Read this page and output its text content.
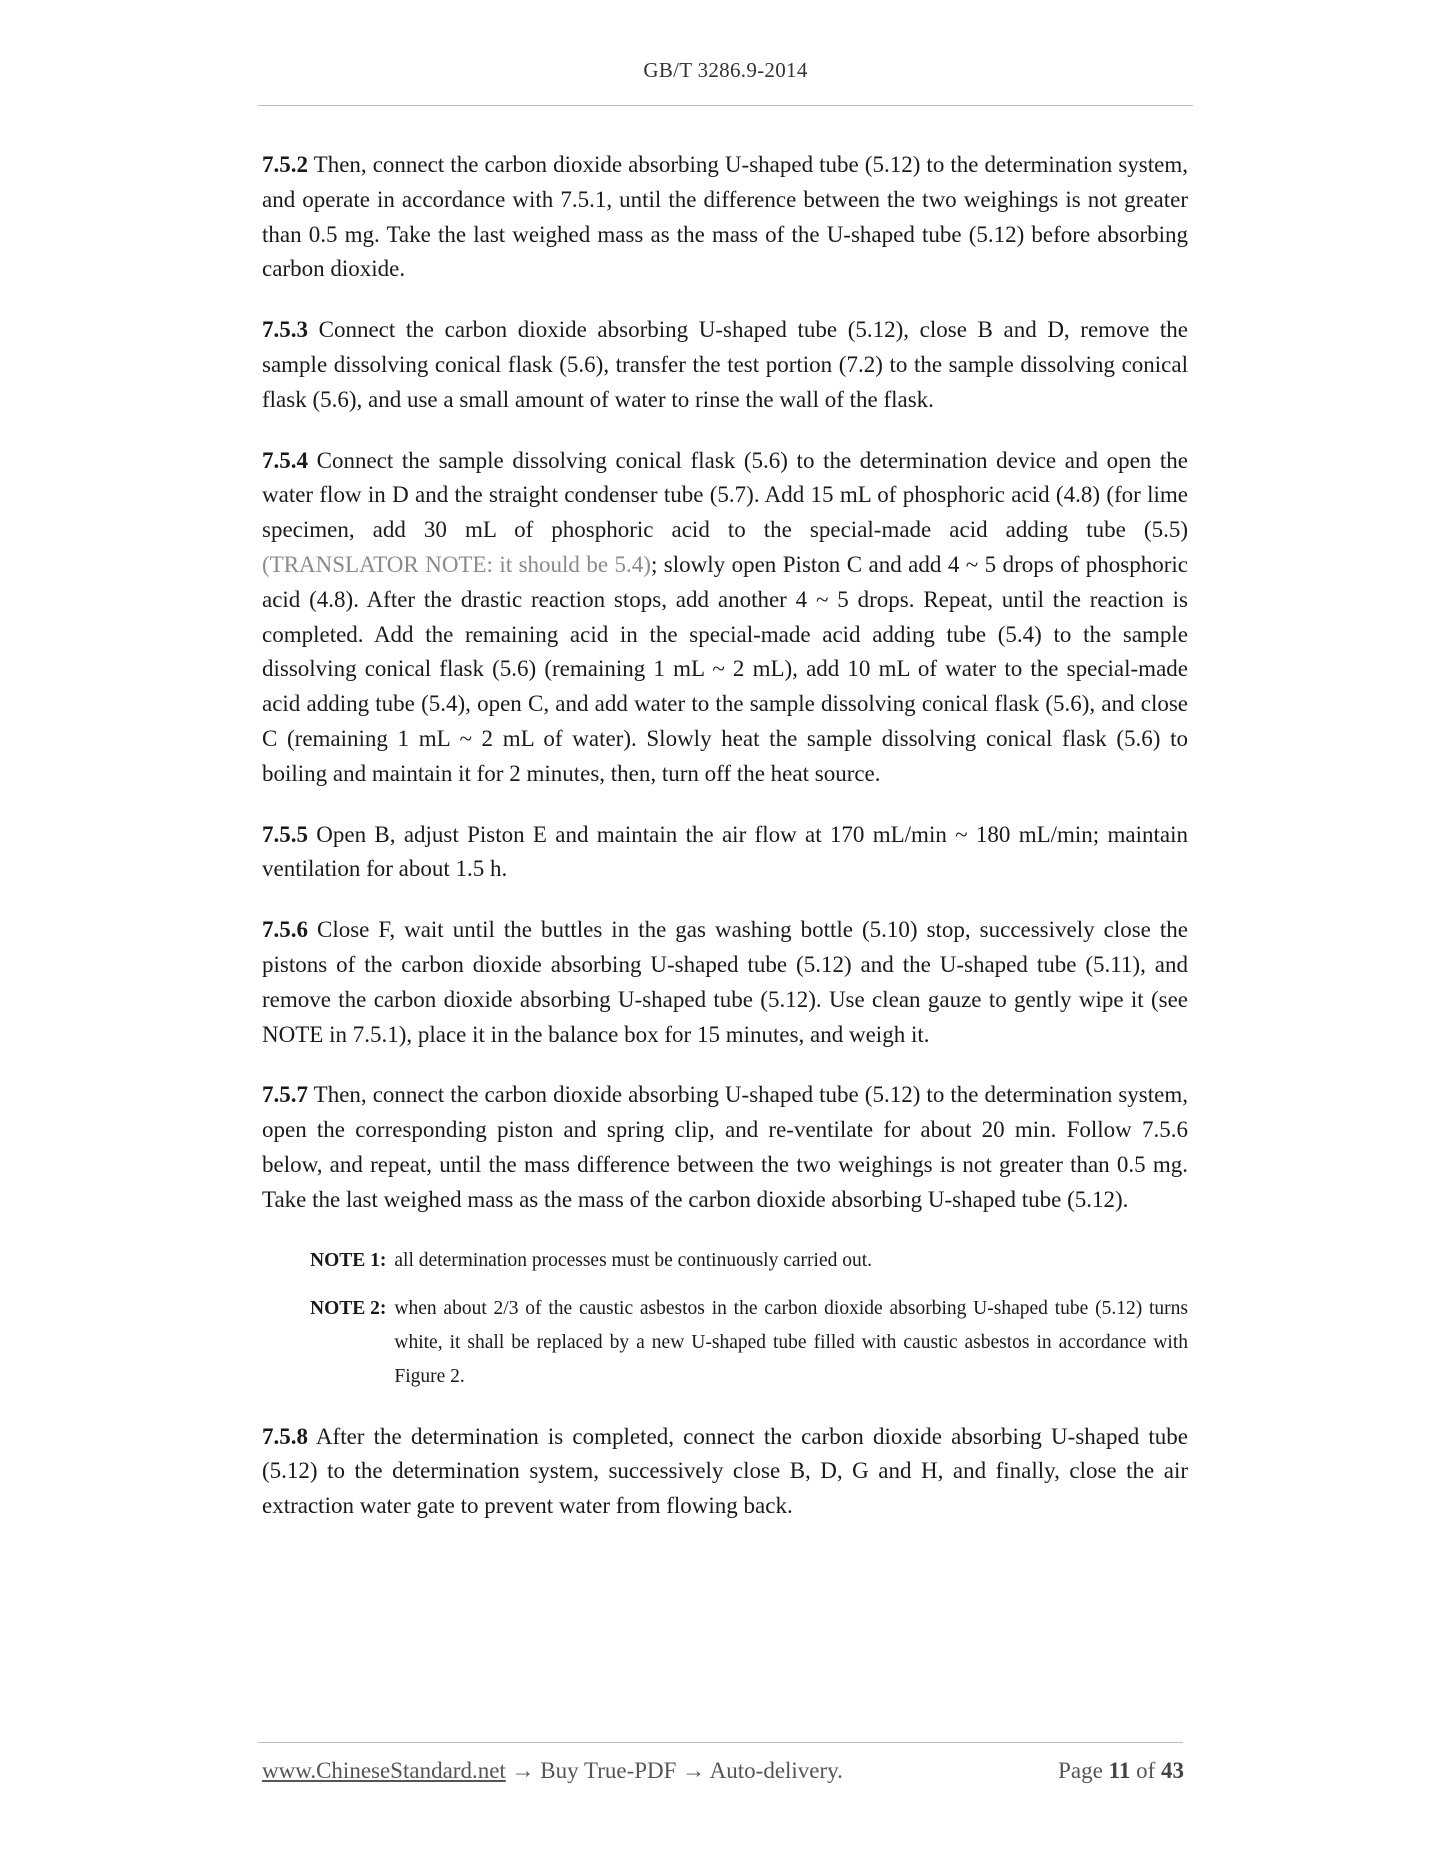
GB/T 3286.9-2014

7.5.2 Then, connect the carbon dioxide absorbing U-shaped tube (5.12) to the determination system, and operate in accordance with 7.5.1, until the difference between the two weighings is not greater than 0.5 mg. Take the last weighed mass as the mass of the U-shaped tube (5.12) before absorbing carbon dioxide.

7.5.3 Connect the carbon dioxide absorbing U-shaped tube (5.12), close B and D, remove the sample dissolving conical flask (5.6), transfer the test portion (7.2) to the sample dissolving conical flask (5.6), and use a small amount of water to rinse the wall of the flask.

7.5.4 Connect the sample dissolving conical flask (5.6) to the determination device and open the water flow in D and the straight condenser tube (5.7). Add 15 mL of phosphoric acid (4.8) (for lime specimen, add 30 mL of phosphoric acid to the special-made acid adding tube (5.5) (TRANSLATOR NOTE: it should be 5.4); slowly open Piston C and add 4 ~ 5 drops of phosphoric acid (4.8). After the drastic reaction stops, add another 4 ~ 5 drops. Repeat, until the reaction is completed. Add the remaining acid in the special-made acid adding tube (5.4) to the sample dissolving conical flask (5.6) (remaining 1 mL ~ 2 mL), add 10 mL of water to the special-made acid adding tube (5.4), open C, and add water to the sample dissolving conical flask (5.6), and close C (remaining 1 mL ~ 2 mL of water). Slowly heat the sample dissolving conical flask (5.6) to boiling and maintain it for 2 minutes, then, turn off the heat source.

7.5.5 Open B, adjust Piston E and maintain the air flow at 170 mL/min ~ 180 mL/min; maintain ventilation for about 1.5 h.

7.5.6 Close F, wait until the buttles in the gas washing bottle (5.10) stop, successively close the pistons of the carbon dioxide absorbing U-shaped tube (5.12) and the U-shaped tube (5.11), and remove the carbon dioxide absorbing U-shaped tube (5.12). Use clean gauze to gently wipe it (see NOTE in 7.5.1), place it in the balance box for 15 minutes, and weigh it.

7.5.7 Then, connect the carbon dioxide absorbing U-shaped tube (5.12) to the determination system, open the corresponding piston and spring clip, and re-ventilate for about 20 min. Follow 7.5.6 below, and repeat, until the mass difference between the two weighings is not greater than 0.5 mg. Take the last weighed mass as the mass of the carbon dioxide absorbing U-shaped tube (5.12).

NOTE 1: all determination processes must be continuously carried out.
NOTE 2: when about 2/3 of the caustic asbestos in the carbon dioxide absorbing U-shaped tube (5.12) turns white, it shall be replaced by a new U-shaped tube filled with caustic asbestos in accordance with Figure 2.

7.5.8 After the determination is completed, connect the carbon dioxide absorbing U-shaped tube (5.12) to the determination system, successively close B, D, G and H, and finally, close the air extraction water gate to prevent water from flowing back.

www.ChineseStandard.net → Buy True-PDF → Auto-delivery.	Page 11 of 43
